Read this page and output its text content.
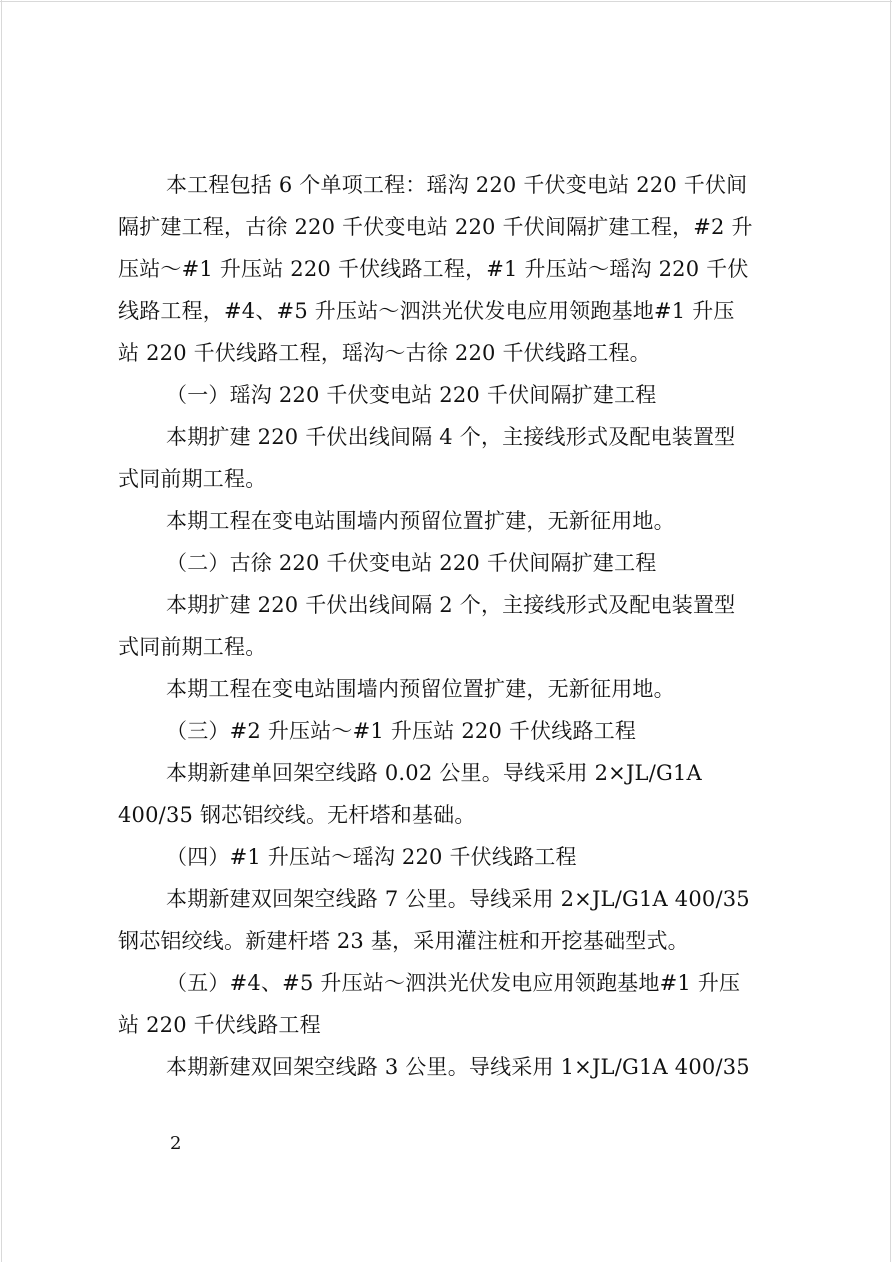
本工程包括 6 个单项工程：瑶沟 220 千伏变电站 220 千伏间
隔扩建工程，古徐 220 千伏变电站 220 千伏间隔扩建工程，#2 升
压站～#1 升压站 220 千伏线路工程，#1 升压站～瑶沟 220 千伏
线路工程，#4、#5 升压站～泗洪光伏发电应用领跑基地#1 升压
站 220 千伏线路工程，瑶沟～古徐 220 千伏线路工程。
（一）瑶沟 220 千伏变电站 220 千伏间隔扩建工程
本期扩建 220 千伏出线间隔 4 个，主接线形式及配电装置型
式同前期工程。
本期工程在变电站围墙内预留位置扩建，无新征用地。
（二）古徐 220 千伏变电站 220 千伏间隔扩建工程
本期扩建 220 千伏出线间隔 2 个，主接线形式及配电装置型
式同前期工程。
本期工程在变电站围墙内预留位置扩建，无新征用地。
（三）#2 升压站～#1 升压站 220 千伏线路工程
本期新建单回架空线路 0.02 公里。导线采用 2×JL/G1A
400/35 钢芯铝绞线。无杆塔和基础。
（四）#1 升压站～瑶沟 220 千伏线路工程
本期新建双回架空线路 7 公里。导线采用 2×JL/G1A 400/35
钢芯铝绞线。新建杆塔 23 基，采用灌注桩和开挖基础型式。
（五）#4、#5 升压站～泗洪光伏发电应用领跑基地#1 升压
站 220 千伏线路工程
本期新建双回架空线路 3 公里。导线采用 1×JL/G1A 400/35
2
